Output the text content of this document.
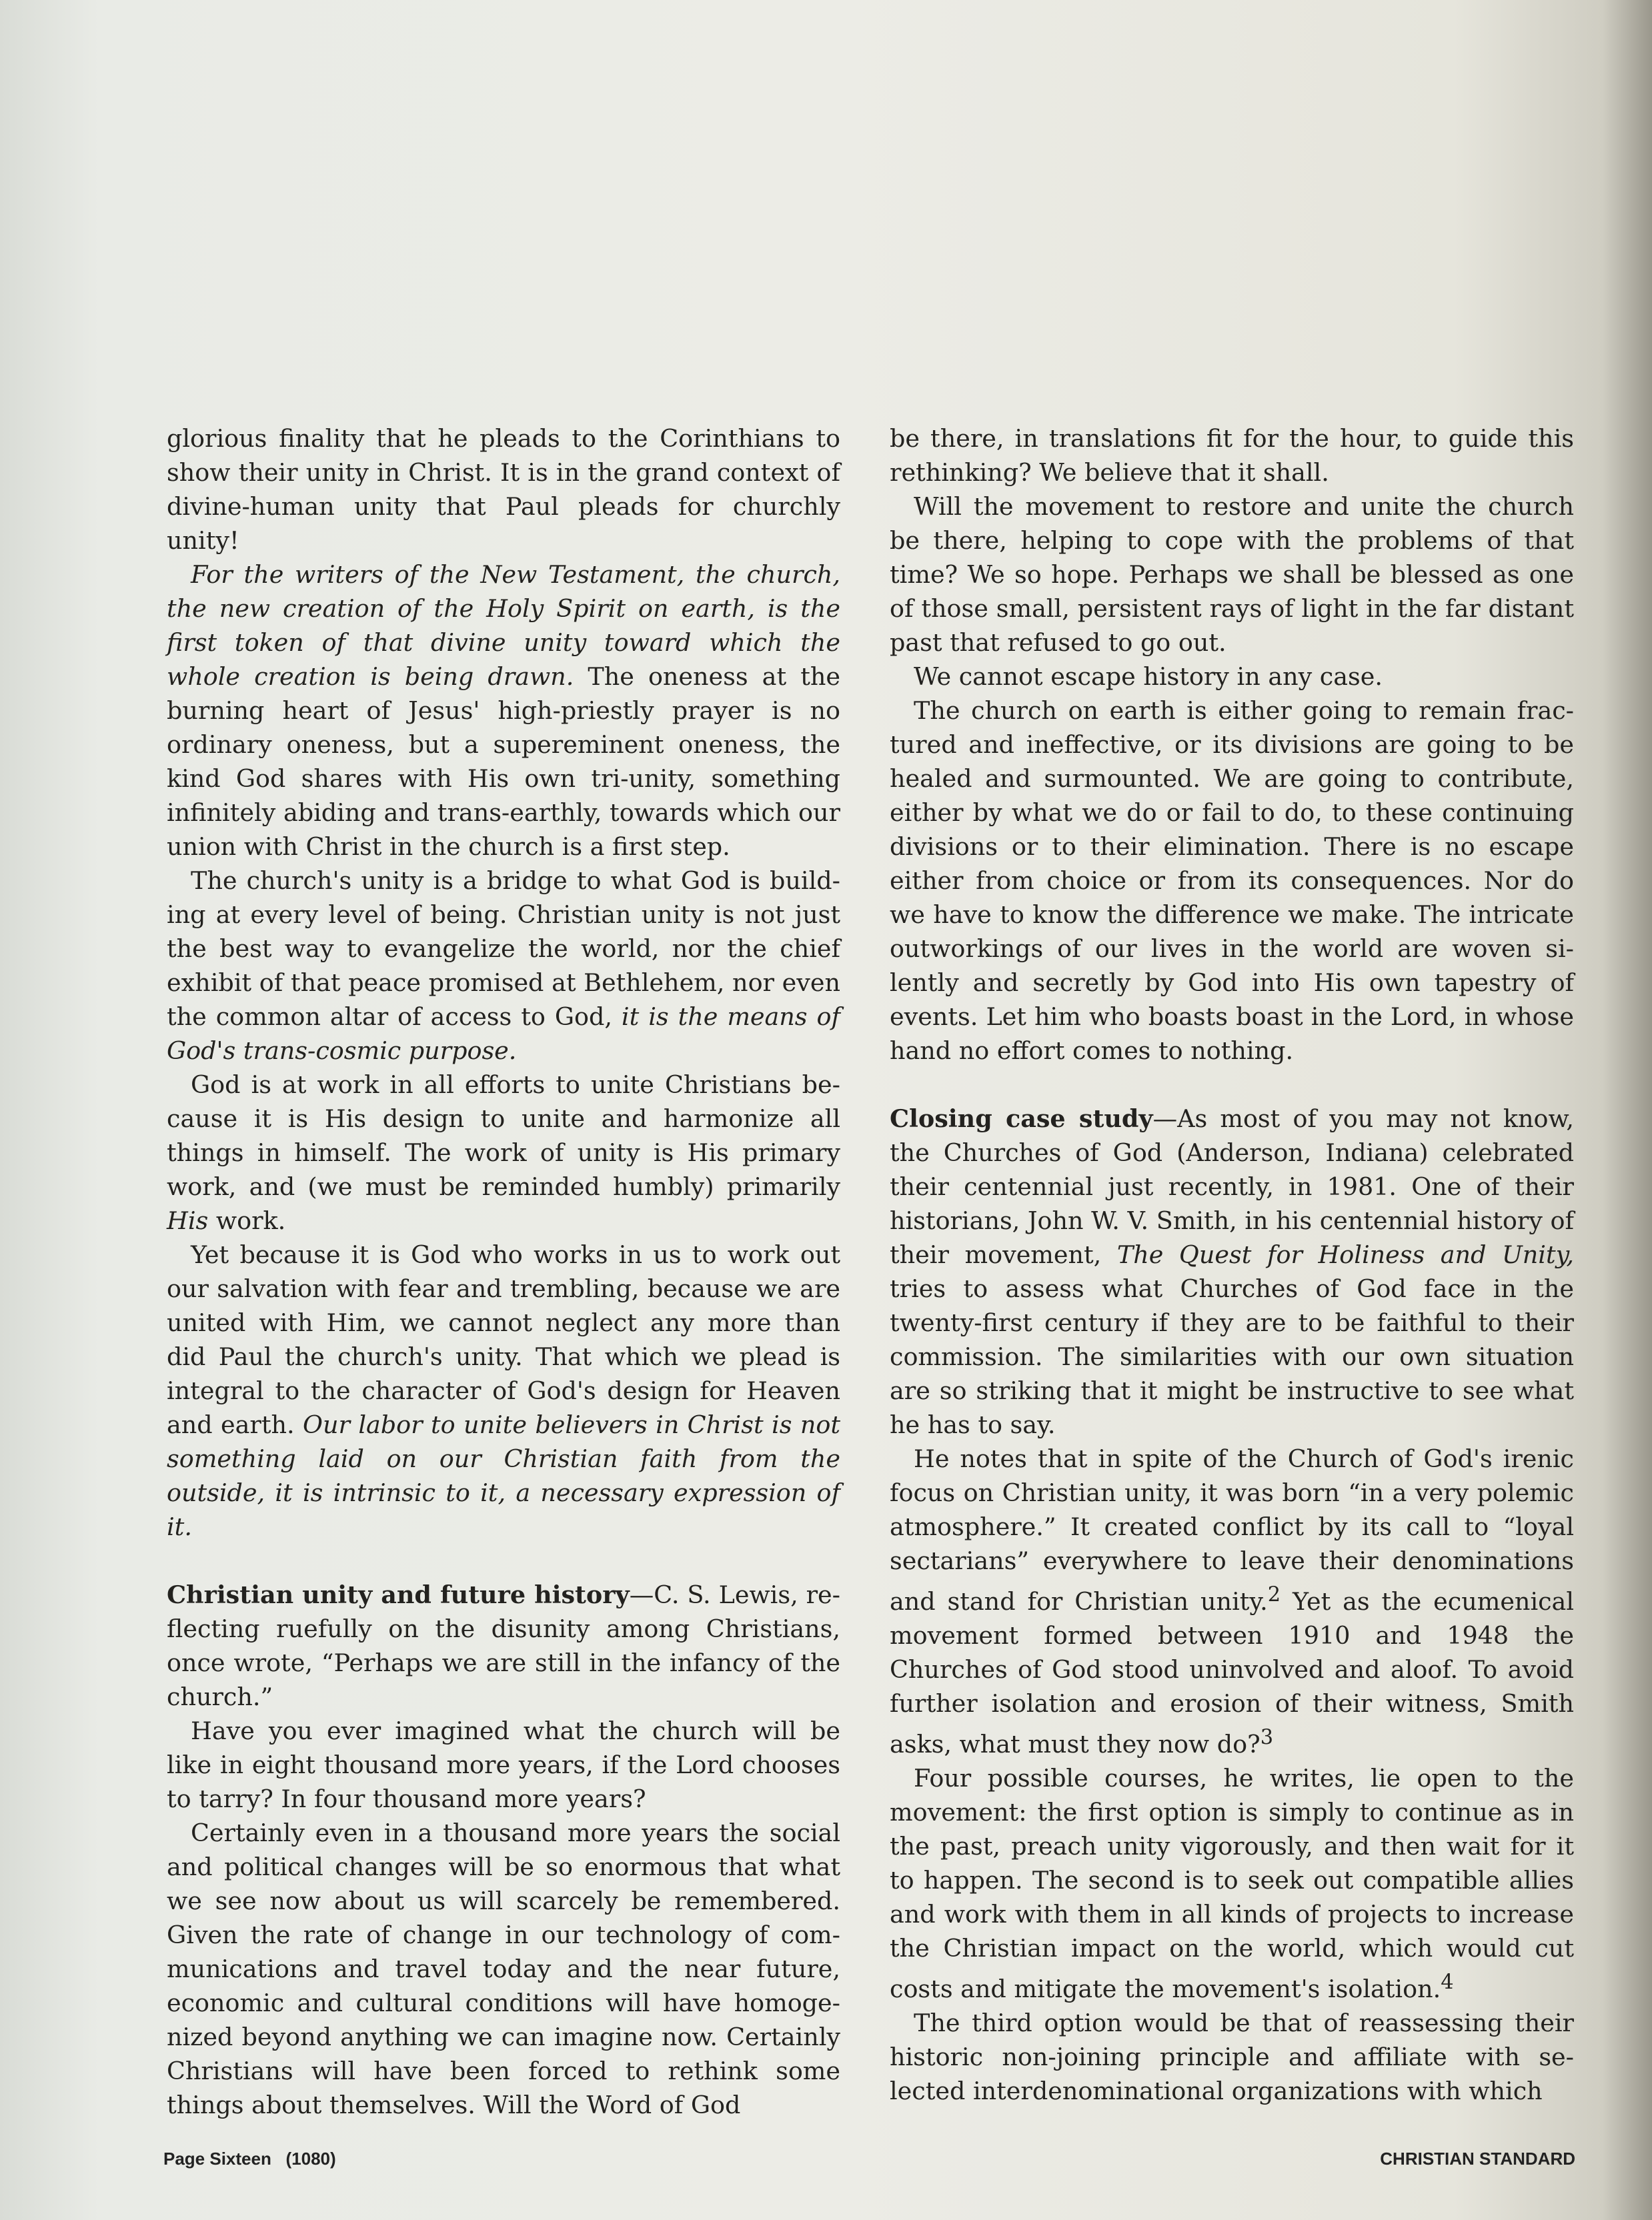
glorious finality that he pleads to the Corinthians to show their unity in Christ. It is in the grand context of divine-human unity that Paul pleads for churchly unity!

For the writers of the New Testament, the church, the new creation of the Holy Spirit on earth, is the first token of that divine unity toward which the whole creation is being drawn. The oneness at the burning heart of Jesus' high-priestly prayer is no ordinary oneness, but a supereminent oneness, the kind God shares with His own tri-unity, something infinitely abiding and trans-earthly, towards which our union with Christ in the church is a first step.

The church's unity is a bridge to what God is building at every level of being. Christian unity is not just the best way to evangelize the world, nor the chief exhibit of that peace promised at Bethlehem, nor even the common altar of access to God, it is the means of God's trans-cosmic purpose.

God is at work in all efforts to unite Christians because it is His design to unite and harmonize all things in himself. The work of unity is His primary work, and (we must be reminded humbly) primarily His work.

Yet because it is God who works in us to work out our salvation with fear and trembling, because we are united with Him, we cannot neglect any more than did Paul the church's unity. That which we plead is integral to the character of God's design for Heaven and earth. Our labor to unite believers in Christ is not something laid on our Christian faith from the outside, it is intrinsic to it, a necessary expression of it.

Christian unity and future history—C. S. Lewis, reflecting ruefully on the disunity among Christians, once wrote, “Perhaps we are still in the infancy of the church.”

Have you ever imagined what the church will be like in eight thousand more years, if the Lord chooses to tarry? In four thousand more years?

Certainly even in a thousand more years the social and political changes will be so enormous that what we see now about us will scarcely be remembered. Given the rate of change in our technology of communications and travel today and the near future, economic and cultural conditions will have homogenized beyond anything we can imagine now. Certainly Christians will have been forced to rethink some things about themselves. Will the Word of God

be there, in translations fit for the hour, to guide this rethinking? We believe that it shall.

Will the movement to restore and unite the church be there, helping to cope with the problems of that time? We so hope. Perhaps we shall be blessed as one of those small, persistent rays of light in the far distant past that refused to go out.

We cannot escape history in any case.

The church on earth is either going to remain fractured and ineffective, or its divisions are going to be healed and surmounted. We are going to contribute, either by what we do or fail to do, to these continuing divisions or to their elimination. There is no escape either from choice or from its consequences. Nor do we have to know the difference we make. The intricate outworkings of our lives in the world are woven silently and secretly by God into His own tapestry of events. Let him who boasts boast in the Lord, in whose hand no effort comes to nothing.

Closing case study—As most of you may not know, the Churches of God (Anderson, Indiana) celebrated their centennial just recently, in 1981. One of their historians, John W. V. Smith, in his centennial history of their movement, The Quest for Holiness and Unity, tries to assess what Churches of God face in the twenty-first century if they are to be faithful to their commission. The similarities with our own situation are so striking that it might be instructive to see what he has to say.

He notes that in spite of the Church of God's irenic focus on Christian unity, it was born “in a very polemic atmosphere.” It created conflict by its call to “loyal sectarians” everywhere to leave their denominations and stand for Christian unity.$^2$ Yet as the ecumenical movement formed between 1910 and 1948 the Churches of God stood uninvolved and aloof. To avoid further isolation and erosion of their witness, Smith asks, what must they now do?$^3$

Four possible courses, he writes, lie open to the movement: the first option is simply to continue as in the past, preach unity vigorously, and then wait for it to happen. The second is to seek out compatible allies and work with them in all kinds of projects to increase the Christian impact on the world, which would cut costs and mitigate the movement's isolation.$^4$

The third option would be that of reassessing their historic non-joining principle and affiliate with selected interdenominational organizations with which

Page Sixteen   (1080)	CHRISTIAN STANDARD
